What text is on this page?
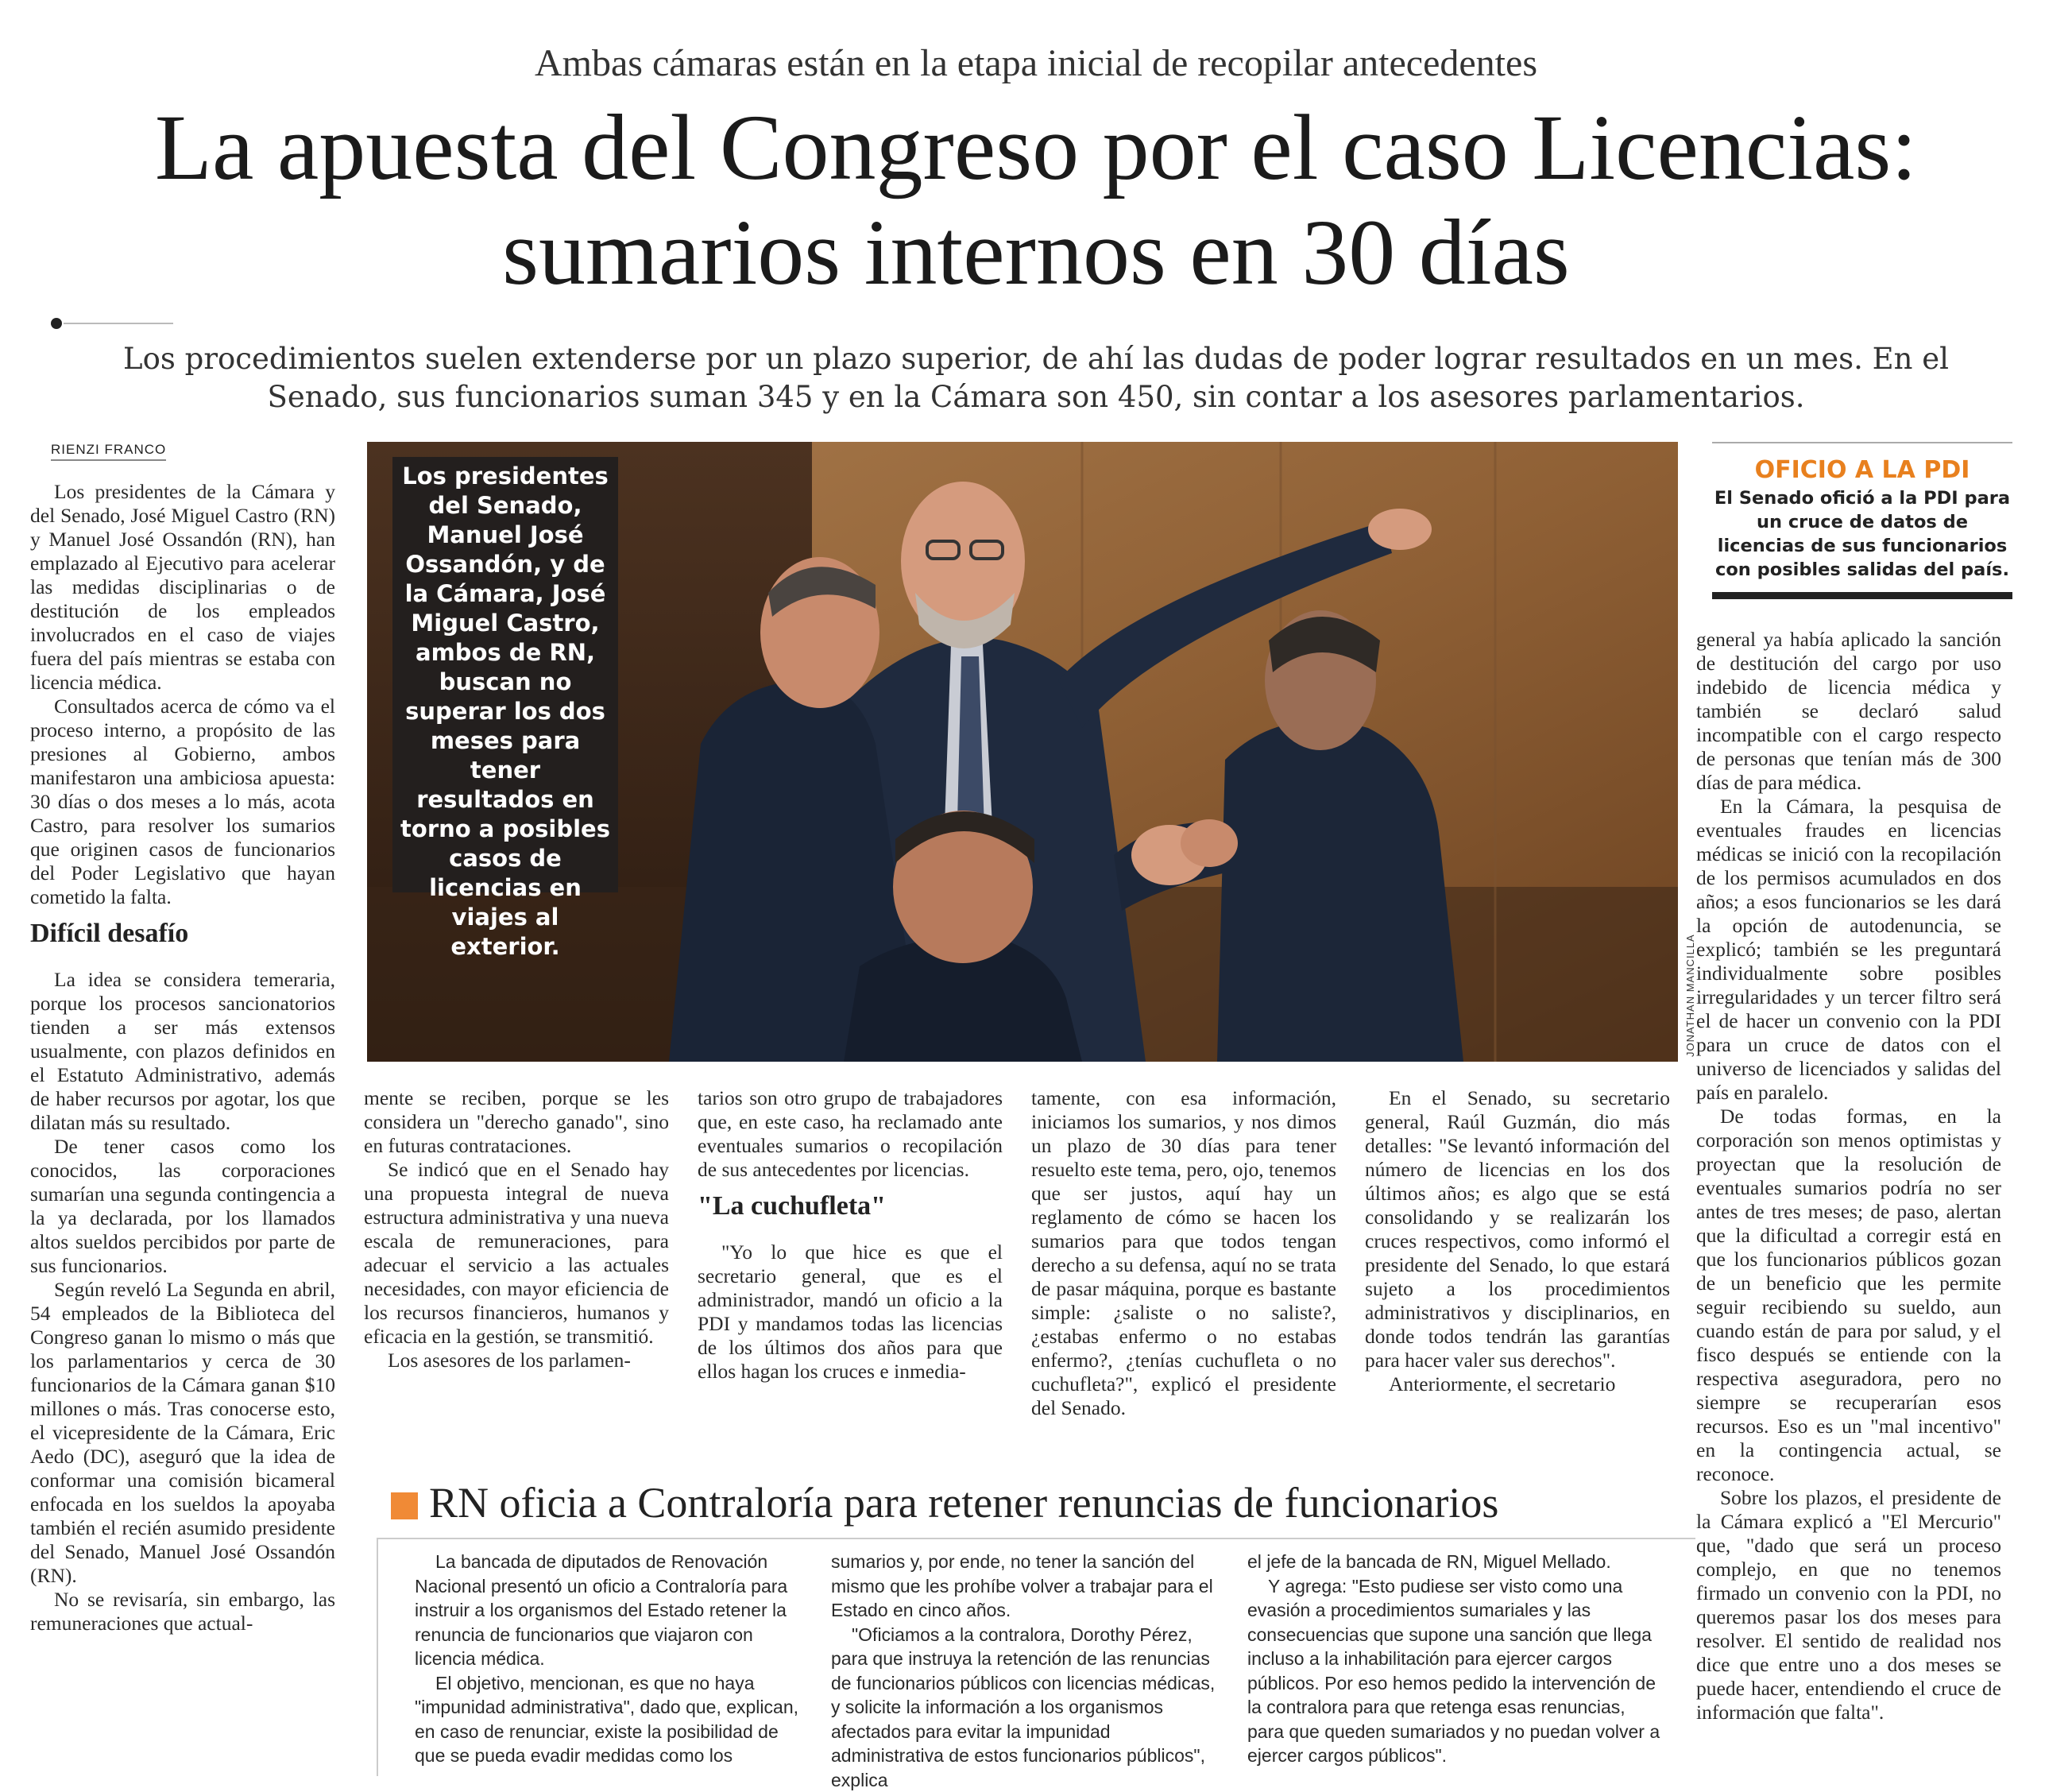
Ambas cámaras están en la etapa inicial de recopilar antecedentes
La apuesta del Congreso por el caso Licencias:
sumarios internos en 30 días
Los procedimientos suelen extenderse por un plazo superior, de ahí las dudas de poder lograr resultados en un mes. En el Senado, sus funcionarios suman 345 y en la Cámara son 450, sin contar a los asesores parlamentarios.
RIENZI FRANCO

Los presidentes de la Cámara y del Senado, José Miguel Castro (RN) y Manuel José Ossandón (RN), han emplazado al Ejecutivo para acelerar las medidas disciplinarias o de destitución de los empleados involucrados en el caso de viajes fuera del país mientras se estaba con licencia médica.

Consultados acerca de cómo va el proceso interno, a propósito de las presiones al Gobierno, ambos manifestaron una ambiciosa apuesta: 30 días o dos meses a lo más, acota Castro, para resolver los sumarios que originen casos de funcionarios del Poder Legislativo que hayan cometido la falta.

Difícil desafío

La idea se considera temeraria, porque los procesos sancionatorios tienden a ser más extensos usualmente, con plazos definidos en el Estatuto Administrativo, además de haber recursos por agotar, los que dilatan más su resultado.

De tener casos como los conocidos, las corporaciones sumarían una segunda contingencia a la ya declarada, por los llamados altos sueldos percibidos por parte de sus funcionarios.

Según reveló La Segunda en abril, 54 empleados de la Biblioteca del Congreso ganan lo mismo o más que los parlamentarios y cerca de 30 funcionarios de la Cámara ganan $10 millones o más. Tras conocerse esto, el vicepresidente de la Cámara, Eric Aedo (DC), aseguró que la idea de conformar una comisión bicameral enfocada en los sueldos la apoyaba también el recién asumido presidente del Senado, Manuel José Ossandón (RN).

No se revisaría, sin embargo, las remuneraciones que actual-

Los presidentes del Senado, Manuel José Ossandón, y de la Cámara, José Miguel Castro, ambos de RN, buscan no superar los dos meses para tener resultados en torno a posibles casos de licencias en viajes al exterior.	JONATHAN MANCILLA
OFICIO A LA PDI
El Senado ofició a la PDI para un cruce de datos de licencias de sus funcionarios con posibles salidas del país.

mente se reciben, porque se les considera un "derecho ganado", sino en futuras contrataciones.

Se indicó que en el Senado hay una propuesta integral de nueva estructura administrativa y una nueva escala de remuneraciones, para adecuar el servicio a las actuales necesidades, con mayor eficiencia de los recursos financieros, humanos y eficacia en la gestión, se transmitió.

Los asesores de los parlamen-

tarios son otro grupo de trabajadores que, en este caso, ha reclamado ante eventuales sumarios o recopilación de sus antecedentes por licencias.

"La cuchufleta"

"Yo lo que hice es que el secretario general, que es el administrador, mandó un oficio a la PDI y mandamos todas las licencias de los últimos dos años para que ellos hagan los cruces e inmedia-

tamente, con esa información, iniciamos los sumarios, y nos dimos un plazo de 30 días para tener resuelto este tema, pero, ojo, tenemos que ser justos, aquí hay un reglamento de cómo se hacen los sumarios para que todos tengan derecho a su defensa, aquí no se trata de pasar máquina, porque es bastante simple: ¿saliste o no saliste?, ¿estabas enfermo o no estabas enfermo?, ¿tenías cuchufleta o no cuchufleta?", explicó el presidente del Senado.

En el Senado, su secretario general, Raúl Guzmán, dio más detalles: "Se levantó información del número de licencias en los dos últimos años; es algo que se está consolidando y se realizarán los cruces respectivos, como informó el presidente del Senado, lo que estará sujeto a los procedimientos administrativos y disciplinarios, en donde todos tendrán las garantías para hacer valer sus derechos".

Anteriormente, el secretario

general ya había aplicado la sanción de destitución del cargo por uso indebido de licencia médica y también se declaró salud incompatible con el cargo respecto de personas que tenían más de 300 días de para médica.

En la Cámara, la pesquisa de eventuales fraudes en licencias médicas se inició con la recopilación de los permisos acumulados en dos años; a esos funcionarios se les dará la opción de autodenuncia, se explicó; también se les preguntará individualmente sobre posibles irregularidades y un tercer filtro será el de hacer un convenio con la PDI para un cruce de datos con el universo de licenciados y salidas del país en paralelo.

De todas formas, en la corporación son menos optimistas y proyectan que la resolución de eventuales sumarios podría no ser antes de tres meses; de paso, alertan que la dificultad a corregir está en que los funcionarios públicos gozan de un beneficio que les permite seguir recibiendo su sueldo, aun cuando están de para por salud, y el fisco después se entiende con la respectiva aseguradora, pero no siempre se recuperarían esos recursos. Eso es un "mal incentivo" en la contingencia actual, se reconoce.

Sobre los plazos, el presidente de la Cámara explicó a "El Mercurio" que, "dado que será un proceso complejo, en que no tenemos firmado un convenio con la PDI, no queremos pasar los dos meses para resolver. El sentido de realidad nos dice que entre uno a dos meses se puede hacer, entendiendo el cruce de información que falta".

RN oficia a Contraloría para retener renuncias de funcionarios

La bancada de diputados de Renovación Nacional presentó un oficio a Contraloría para instruir a los organismos del Estado retener la renuncia de funcionarios que viajaron con licencia médica.

El objetivo, mencionan, es que no haya "impunidad administrativa", dado que, explican, en caso de renunciar, existe la posibilidad de que se pueda evadir medidas como los

sumarios y, por ende, no tener la sanción del mismo que les prohíbe volver a trabajar para el Estado en cinco años.

"Oficiamos a la contralora, Dorothy Pérez, para que instruya la retención de las renuncias de funcionarios públicos con licencias médicas, y solicite la información a los organismos afectados para evitar la impunidad administrativa de estos funcionarios públicos", explica

el jefe de la bancada de RN, Miguel Mellado.

Y agrega: "Esto pudiese ser visto como una evasión a procedimientos sumariales y las consecuencias que supone una sanción que llega incluso a la inhabilitación para ejercer cargos públicos. Por eso hemos pedido la intervención de la contralora para que retenga esas renuncias, para que queden sumariados y no puedan volver a ejercer cargos públicos".
